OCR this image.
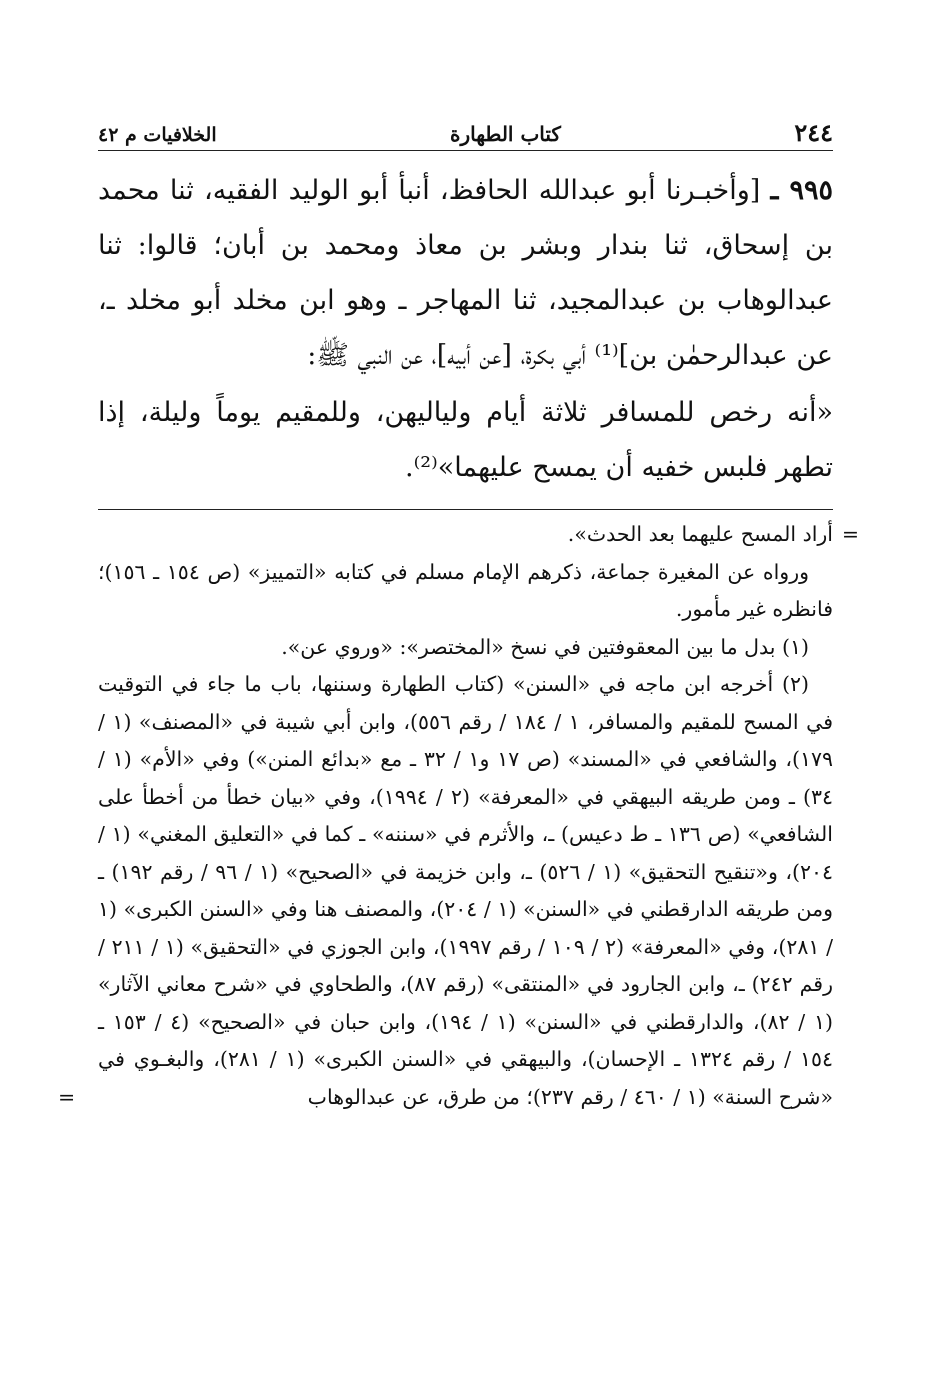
٢٤٤
كتاب الطهارة
الخلافيات م ٤٢

٩٩٥ ـ [وأخبـرنا أبو عبدالله الحافظ، أنبأ أبو الوليد الفقيه، ثنا محمد بن إسحاق، ثنا بندار وبشر بن معاذ ومحمد بن أبان؛ قالوا: ثنا عبدالوهاب بن عبدالمجيد، ثنا المهاجر ـ وهو ابن مخلد أبو مخلد ـ، عن عبدالرحمٰن بن]⁽¹⁾ أبي بكرة، [عن أبيه]، عن النبي ﷺ:

«أنه رخص للمسافر ثلاثة أيام ولياليهن، وللمقيم يوماً وليلة، إذا تطهر فلبس خفيه أن يمسح عليهما»⁽²⁾.

=
أراد المسح عليهما بعد الحدث».

ورواه عن المغيرة جماعة، ذكرهم الإمام مسلم في كتابه «التمييز» (ص ١٥٤ ـ ١٥٦)؛ فانظره غير مأمور.

(١) بدل ما بين المعقوفتين في نسخ «المختصر»: «وروي عن».

(٢) أخرجه ابن ماجه في «السنن» (كتاب الطهارة وسننها، باب ما جاء في التوقيت في المسح للمقيم والمسافر، ١ / ١٨٤ / رقم ٥٥٦)، وابن أبي شيبة في «المصنف» (١ / ١٧٩)، والشافعي في «المسند» (ص ١٧ و١ / ٣٢ ـ مع «بدائع المنن») وفي «الأم» (١ / ٣٤) ـ ومن طريقه البيهقي في «المعرفة» (٢ / ١٩٩٤)، وفي «بيان خطأ من أخطأ على الشافعي» (ص ١٣٦ ـ ط دعيس) ـ، والأثرم في «سننه» ـ كما في «التعليق المغني» (١ / ٢٠٤)، و«تنقيح التحقيق» (١ / ٥٢٦) ـ، وابن خزيمة في «الصحيح» (١ / ٩٦ / رقم ١٩٢) ـ ومن طريقه الدارقطني في «السنن» (١ / ٢٠٤)، والمصنف هنا وفي «السنن الكبرى» (١ / ٢٨١)، وفي «المعرفة» (٢ / ١٠٩ / رقم ١٩٩٧)، وابن الجوزي في «التحقيق» (١ / ٢١١ / رقم ٢٤٢) ـ، وابن الجارود في «المنتقى» (رقم ٨٧)، والطحاوي في «شرح معاني الآثار» (١ / ٨٢)، والدارقطني في «السنن» (١ / ١٩٤)، وابن حبان في «الصحيح» (٤ / ١٥٣ ـ ١٥٤ / رقم ١٣٢٤ ـ الإحسان)، والبيهقي في «السنن الكبرى» (١ / ٢٨١)، والبغـوي في «شرح السنة» (١ / ٤٦٠ / رقم ٢٣٧)؛ من طرق، عن عبدالوهاب
=
